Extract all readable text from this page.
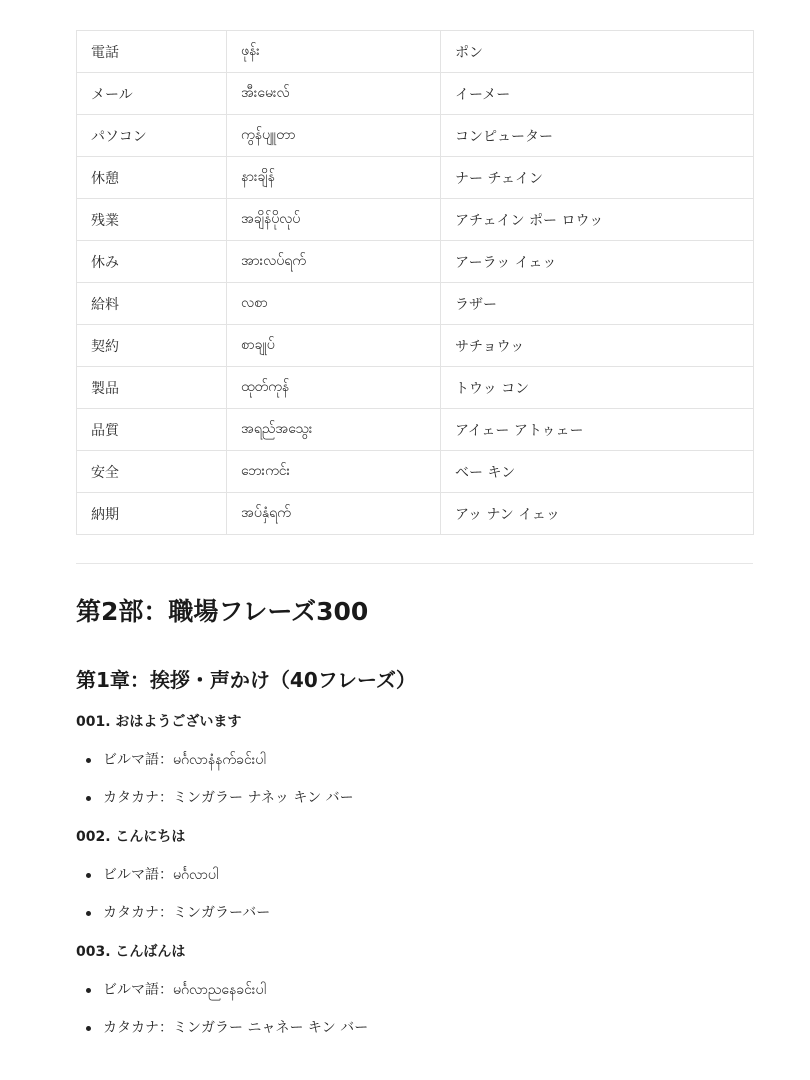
電話	ဖုန်း	ポン
メール	အီးမေးလ်	イーメー
パソコン	ကွန်ပျူတာ	コンピューター
休憩	နားချိန်	ナー チェイン
残業	အချိန်ပိုလုပ်	アチェイン ポー ロウッ
休み	အားလပ်ရက်	アーラッ イェッ
給料	လစာ	ラザー
契約	စာချုပ်	サチョウッ
製品	ထုတ်ကုန်	トウッ コン
品質	အရည်အသွေး	アイェー アトゥェー
安全	ဘေးကင်း	ベー キン
納期	အပ်နှံရက်	アッ ナン イェッ
第2部：職場フレーズ300
第1章：挨拶・声かけ（40フレーズ）
001. おはようございます
ビルマ語：မင်္ဂလာနံနက်ခင်းပါ
カタカナ：ミンガラー ナネッ キン バー
002. こんにちは
ビルマ語：မင်္ဂလာပါ
カタカナ：ミンガラーバー
003. こんばんは
ビルマ語：မင်္ဂလာညနေခင်းပါ
カタカナ：ミンガラー ニャネー キン バー
